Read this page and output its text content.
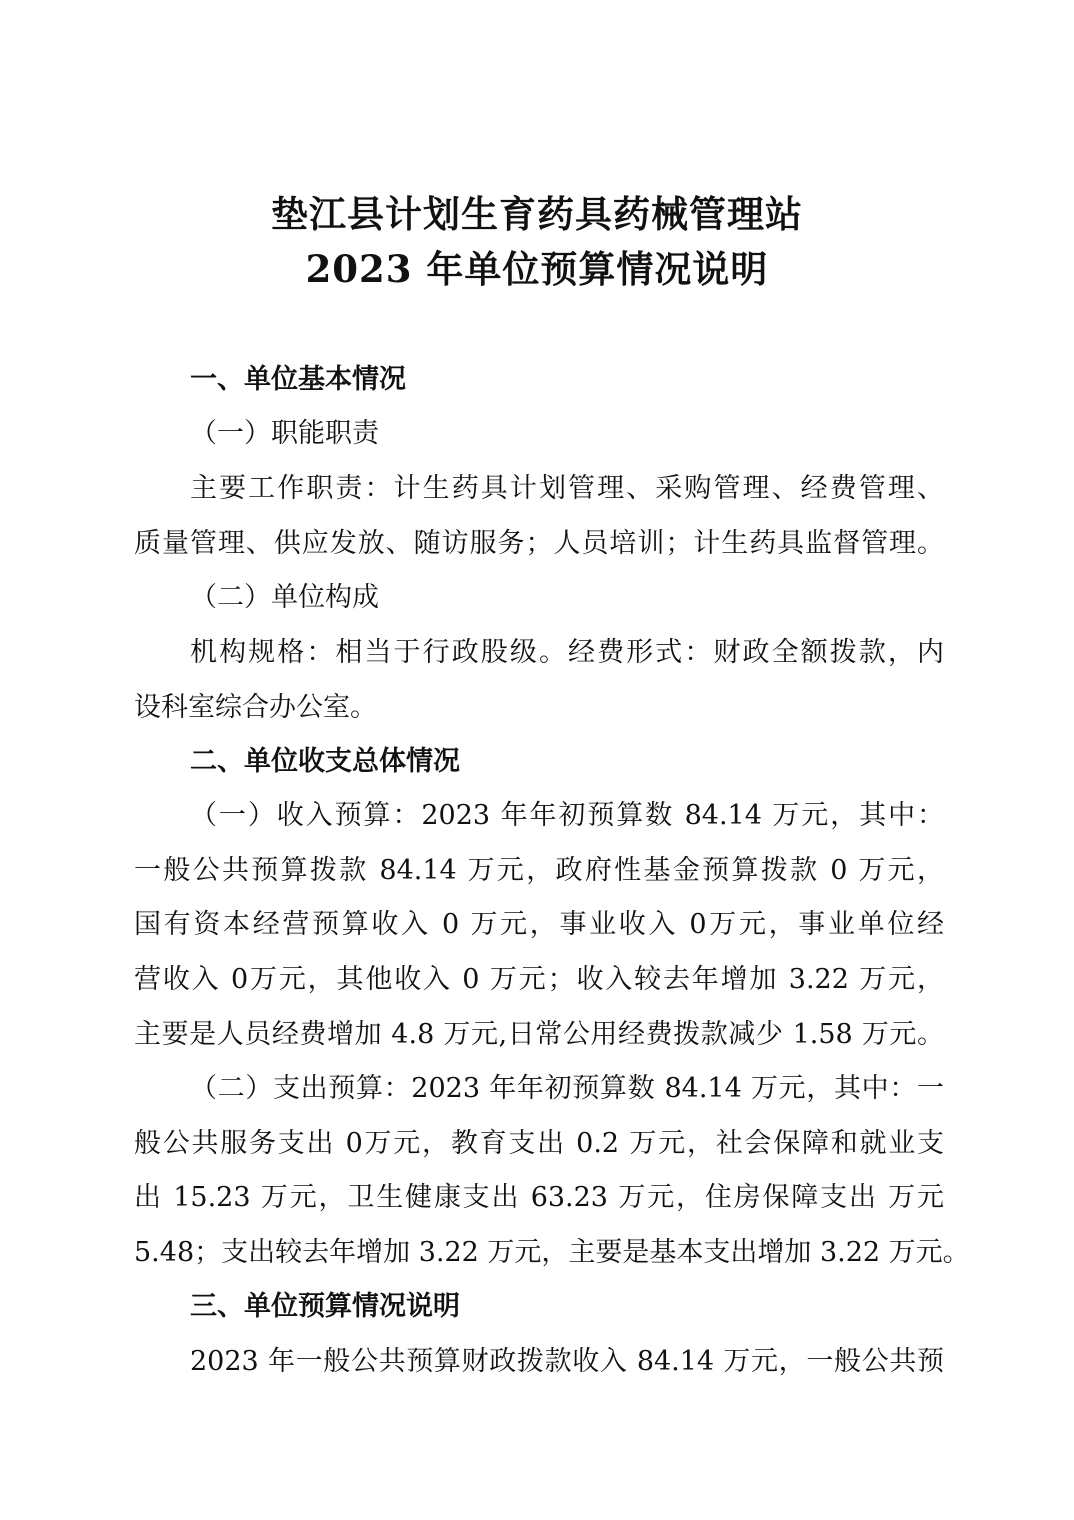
垫江县计划生育药具药械管理站
2023 年单位预算情况说明
一、单位基本情况
（一）职能职责
主要工作职责：计生药具计划管理、采购管理、经费管理、
质量管理、供应发放、随访服务；人员培训；计生药具监督管理。
（二）单位构成
机构规格：相当于行政股级。经费形式：财政全额拨款，内
设科室综合办公室。
二、单位收支总体情况
（一）收入预算：2023 年年初预算数 84.14 万元，其中：
一般公共预算拨款 84.14 万元，政府性基金预算拨款 0 万元，
国有资本经营预算收入 0 万元，事业收入 0万元，事业单位经
营收入 0万元，其他收入 0 万元；收入较去年增加 3.22 万元，
主要是人员经费增加 4.8 万元,日常公用经费拨款减少 1.58 万元。
（二）支出预算：2023 年年初预算数 84.14 万元，其中：一
般公共服务支出 0万元，教育支出 0.2 万元，社会保障和就业支
出 15.23 万元，卫生健康支出 63.23 万元，住房保障支出 万元
5.48；支出较去年增加 3.22 万元，主要是基本支出增加 3.22 万元。
三、单位预算情况说明
2023 年一般公共预算财政拨款收入 84.14 万元，一般公共预
